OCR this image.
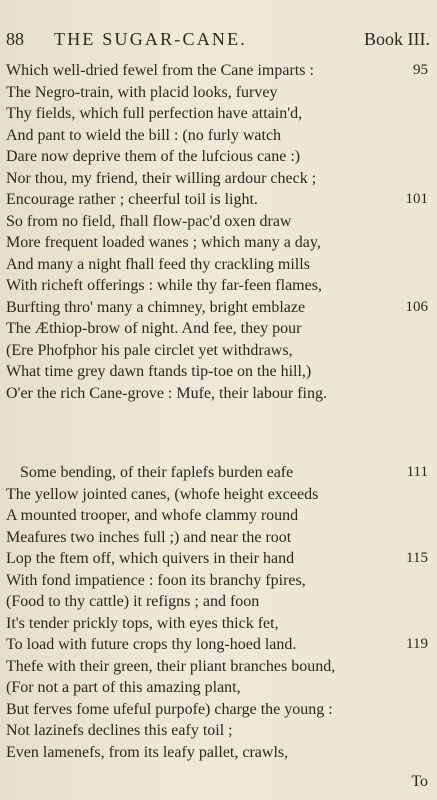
88 THE SUGAR-CANE.	Book III.
Which well-dried fewel from the Cane imparts :	95
The Negro-train, with placid looks, furvey
Thy fields, which full perfection have attain'd,
And pant to wield the bill : (no furly watch
Dare now deprive them of the lufcious cane :)
Nor thou, my friend, their willing ardour check ;
Encourage rather ; cheerful toil is light.	101
So from no field, fhall flow-pac'd oxen draw
More frequent loaded wanes ; which many a day,
And many a night fhall feed thy crackling mills
With richeft offerings : while thy far-feen flames,
Burfting thro' many a chimney, bright emblaze	106
The Æthiop-brow of night. And fee, they pour
(Ere Phofphor his pale circlet yet withdraws,
What time grey dawn ftands tip-toe on the hill,)
O'er the rich Cane-grove : Mufe, their labour fing.
Some bending, of their faplefs burden eafe	111
The yellow jointed canes, (whofe height exceeds
A mounted trooper, and whofe clammy round
Meafures two inches full ;) and near the root
Lop the ftem off, which quivers in their hand	115
With fond impatience : foon its branchy fpires,
(Food to thy cattle) it refigns ; and foon
It's tender prickly tops, with eyes thick fet,
To load with future crops thy long-hoed land.	119
Thefe with their green, their pliant branches bound,
(For not a part of this amazing plant,
But ferves fome ufeful purpofe) charge the young :
Not lazinefs declines this eafy toil ;
Even lamenefs, from its leafy pallet, crawls,
To
